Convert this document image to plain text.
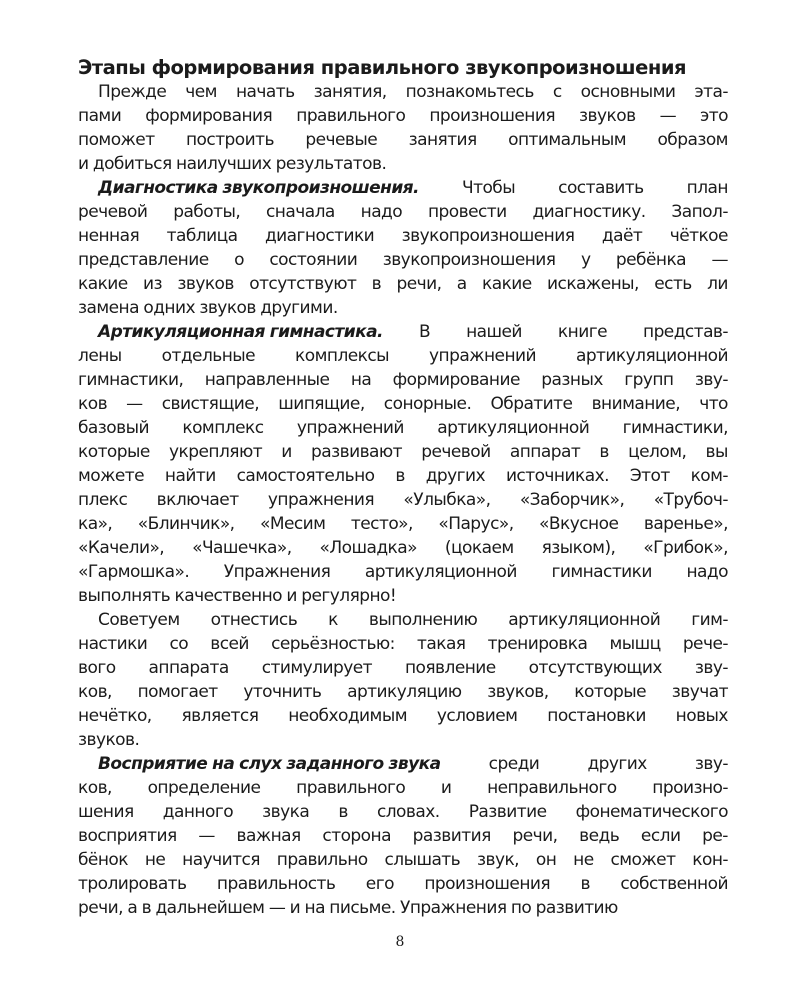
Этапы формирования правильного звукопроизношения
Прежде чем начать занятия, познакомьтесь с основными эта-
пами формирования правильного произношения звуков — это
поможет построить речевые занятия оптимальным образом
и
добиться
наилучших
результатов.
Диагностика звукопроизношения.	Чтобы	составить	план
речевой работы, сначала надо провести диагностику. Запол-
ненная таблица диагностики звукопроизношения даёт чёткое
представление о состоянии звукопроизношения у ребёнка —
какие из звуков отсутствуют в речи, а какие искажены, есть ли
замена
одних
звуков
другими.
Артикуляционная гимнастика. В нашей книге представ-
лены отдельные комплексы упражнений артикуляционной
гимнастики, направленные на формирование разных групп зву-
ков — свистящие, шипящие, сонорные. Обратите внимание, что
базовый комплекс упражнений артикуляционной гимнастики,
которые укрепляют и развивают речевой аппарат в целом, вы
можете найти самостоятельно в других источниках. Этот ком-
плекс включает упражнения «Улыбка», «Заборчик», «Трубоч-
ка», «Блинчик», «Месим тесто», «Парус», «Вкусное варенье»,
«Качели», «Чашечка», «Лошадка» (цокаем языком), «Грибок»,
«Гармошка». Упражнения артикуляционной гимнастики надо
выполнять
качественно
и
регулярно!
Советуем отнестись к выполнению артикуляционной гим-
настики со всей серьёзностью: такая тренировка мышц рече-
вого аппарата стимулирует появление отсутствующих зву-
ков, помогает уточнить артикуляцию звуков, которые звучат
нечётко, является необходимым условием постановки новых
звуков.
Восприятие на слух заданного звука	среди	других	зву-
ков, определение правильного и неправильного произно-
шения данного звука в словах. Развитие фонематического
восприятия — важная сторона развития речи, ведь если ре-
бёнок не научится правильно слышать звук, он не сможет кон-
тролировать правильность его произношения в собственной
речи,
а
в
дальнейшем
—
и
на
письме.
Упражнения
по
развитию
8
